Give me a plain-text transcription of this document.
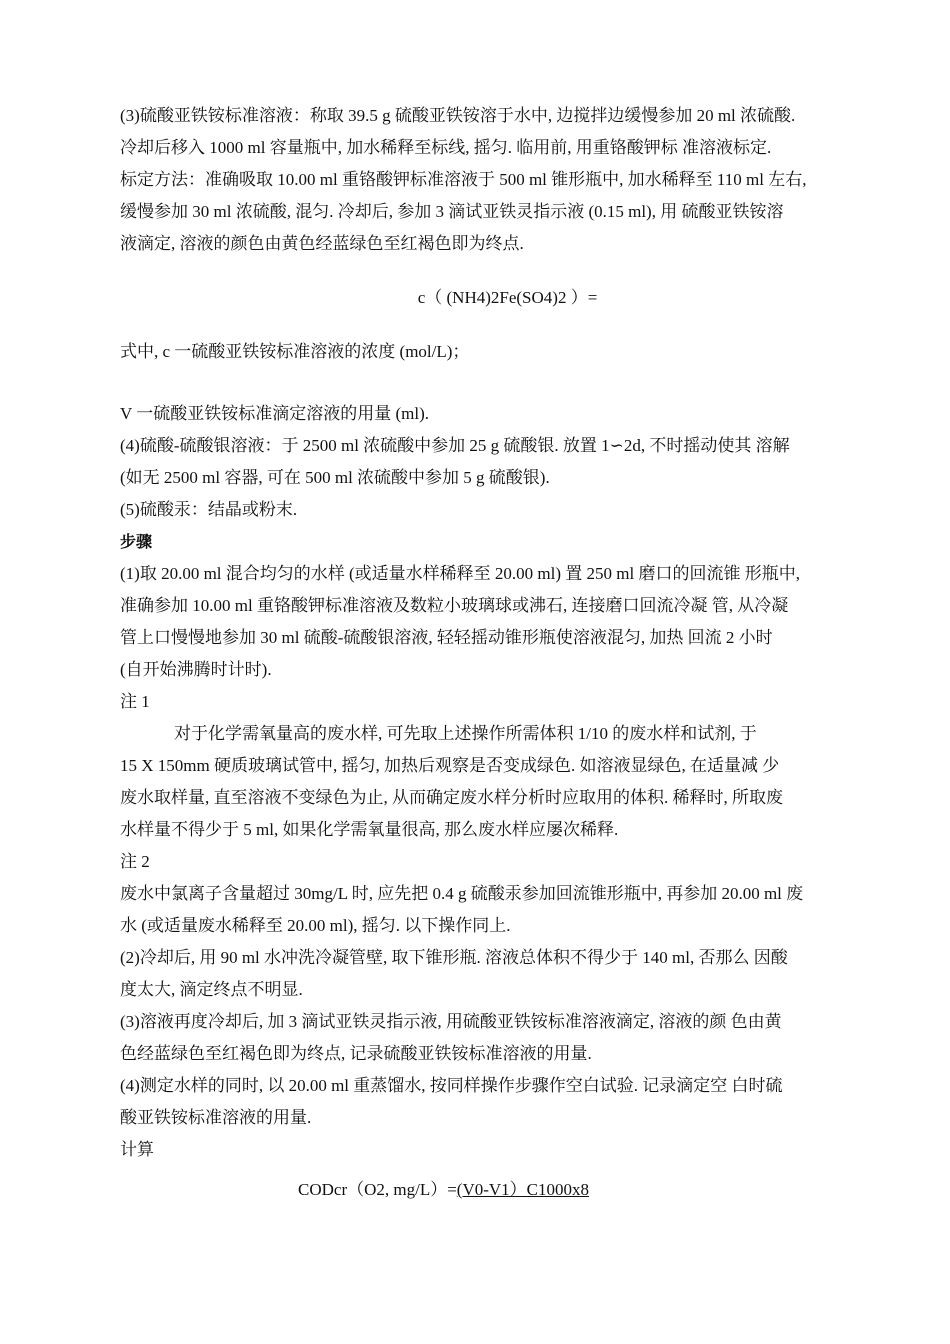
(3)硫酸亚铁铵标准溶液：称取 39.5 g 硫酸亚铁铵溶于水中, 边搅拌边缓慢参加 20 ml 浓硫酸.

冷却后移入 1000 ml 容量瓶中, 加水稀释至标线, 摇匀. 临用前, 用重铬酸钾标 准溶液标定.

标定方法：准确吸取 10.00 ml 重铬酸钾标准溶液于 500 ml 锥形瓶中, 加水稀释至 110 ml 左右,

缓慢参加 30 ml 浓硫酸, 混匀. 冷却后, 参加 3 滴试亚铁灵指示液 (0.15 ml), 用 硫酸亚铁铵溶

液滴定, 溶液的颜色由黄色经蓝绿色至红褐色即为终点.

c（ (NH4)2Fe(SO4)2 ）=

式中, c 一硫酸亚铁铵标准溶液的浓度 (mol/L)；

V 一硫酸亚铁铵标准滴定溶液的用量 (ml).

(4)硫酸-硫酸银溶液：于 2500 ml 浓硫酸中参加 25 g 硫酸银. 放置 1∽2d, 不时摇动使其 溶解

(如无 2500 ml 容器, 可在 500 ml 浓硫酸中参加 5 g 硫酸银).

(5)硫酸汞：结晶或粉末.

步骤

(1)取 20.00 ml 混合均匀的水样 (或适量水样稀释至 20.00 ml) 置 250 ml 磨口的回流锥 形瓶中,

准确参加 10.00 ml 重铬酸钾标准溶液及数粒小玻璃球或沸石, 连接磨口回流冷凝 管, 从冷凝

管上口慢慢地参加 30 ml 硫酸-硫酸银溶液, 轻轻摇动锥形瓶使溶液混匀, 加热 回流 2 小时

(自开始沸腾时计时).

注 1

对于化学需氧量高的废水样, 可先取上述操作所需体积 1/10 的废水样和试剂, 于

15 X 150mm 硬质玻璃试管中, 摇匀, 加热后观察是否变成绿色. 如溶液显绿色, 在适量减 少

废水取样量, 直至溶液不变绿色为止, 从而确定废水样分析时应取用的体积. 稀释时, 所取废

水样量不得少于 5 ml, 如果化学需氧量很高, 那么废水样应屡次稀释.

注 2

废水中氯离子含量超过 30mg/L 时, 应先把 0.4 g 硫酸汞参加回流锥形瓶中, 再参加 20.00 ml 废

水 (或适量废水稀释至 20.00 ml), 摇匀. 以下操作同上.

(2)冷却后, 用 90 ml 水冲洗冷凝管壁, 取下锥形瓶. 溶液总体积不得少于 140 ml, 否那么 因酸

度太大, 滴定终点不明显.

(3)溶液再度冷却后, 加 3 滴试亚铁灵指示液, 用硫酸亚铁铵标准溶液滴定, 溶液的颜 色由黄

色经蓝绿色至红褐色即为终点, 记录硫酸亚铁铵标准溶液的用量.

(4)测定水样的同时, 以 20.00 ml 重蒸馏水, 按同样操作步骤作空白试验. 记录滴定空 白时硫

酸亚铁铵标准溶液的用量.

计算

CODcr（O2, mg/L）=(V0-V1）C1000x8
